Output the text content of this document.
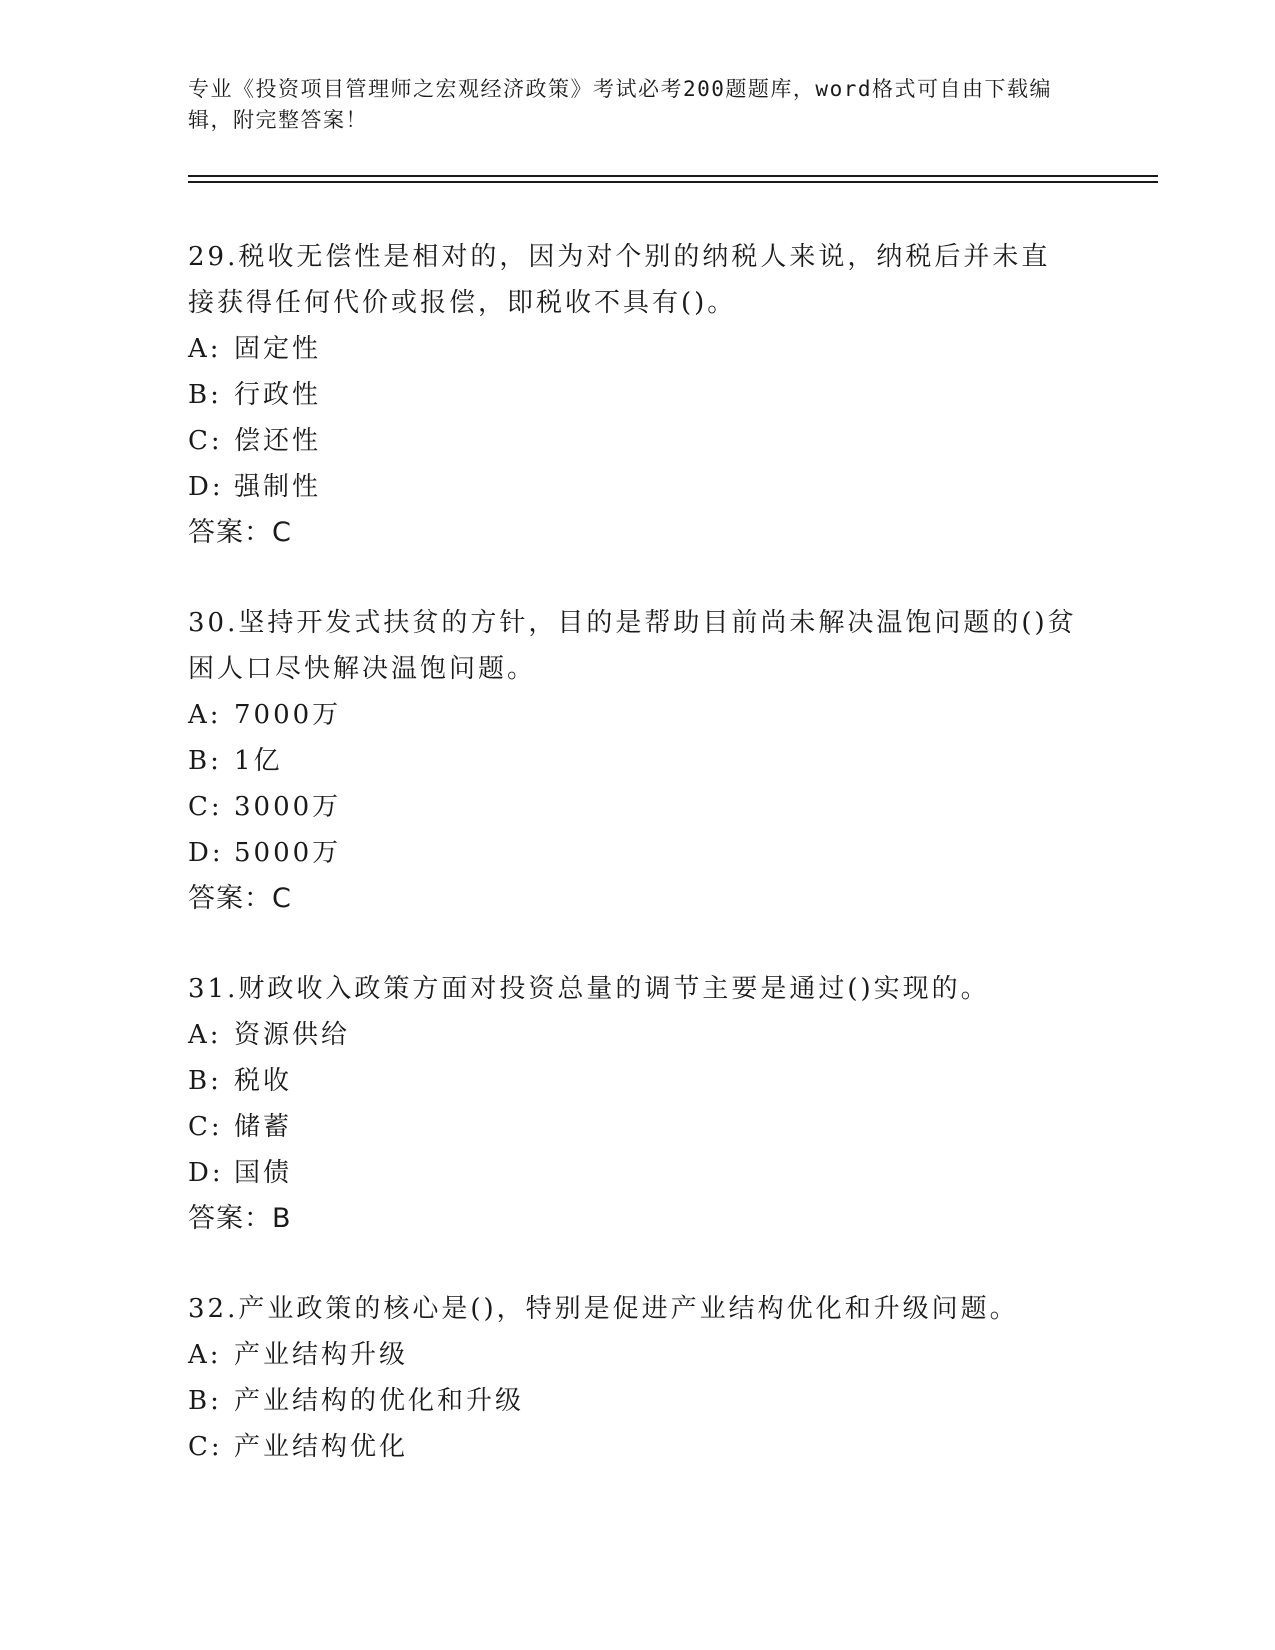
专业《投资项目管理师之宏观经济政策》考试必考200题题库，word格式可自由下载编辑，附完整答案！

29.税收无偿性是相对的，因为对个别的纳税人来说，纳税后并未直接获得任何代价或报偿，即税收不具有()。

A: 固定性

B: 行政性

C: 偿还性

D: 强制性

答案：C

30.坚持开发式扶贫的方针，目的是帮助目前尚未解决温饱问题的()贫困人口尽快解决温饱问题。

A: 7000万

B: 1亿

C: 3000万

D: 5000万

答案：C

31.财政收入政策方面对投资总量的调节主要是通过()实现的。

A: 资源供给

B: 税收

C: 储蓄

D: 国债

答案：B

32.产业政策的核心是()，特别是促进产业结构优化和升级问题。

A: 产业结构升级

B: 产业结构的优化和升级

C: 产业结构优化
